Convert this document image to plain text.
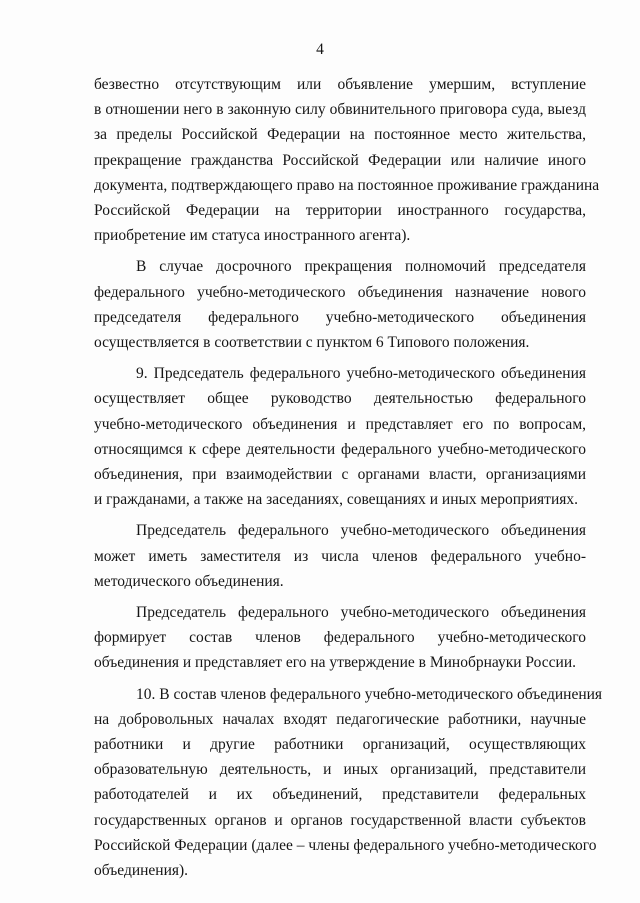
4
безвестно отсутствующим или объявление умершим, вступление
в отношении него в законную силу обвинительного приговора суда, выезд
за пределы Российской Федерации на постоянное место жительства,
прекращение гражданства Российской Федерации или наличие иного
документа, подтверждающего право на постоянное проживание гражданина
Российской Федерации на территории иностранного государства,
приобретение им статуса иностранного агента).
В случае досрочного прекращения полномочий председателя
федерального учебно-методического объединения назначение нового
председателя федерального учебно-методического объединения
осуществляется в соответствии с пунктом 6 Типового положения.
9. Председатель федерального учебно-методического объединения
осуществляет общее руководство деятельностью федерального
учебно-методического объединения и представляет его по вопросам,
относящимся к сфере деятельности федерального учебно-методического
объединения, при взаимодействии с органами власти, организациями
и гражданами, а также на заседаниях, совещаниях и иных мероприятиях.
Председатель федерального учебно-методического объединения
может иметь заместителя из числа членов федерального учебно-
методического объединения.
Председатель федерального учебно-методического объединения
формирует состав членов федерального учебно-методического
объединения и представляет его на утверждение в Минобрнауки России.
10. В состав членов федерального учебно-методического объединения
на добровольных началах входят педагогические работники, научные
работники и другие работники организаций, осуществляющих
образовательную деятельность, и иных организаций, представители
работодателей и их объединений, представители федеральных
государственных органов и органов государственной власти субъектов
Российской Федерации (далее – члены федерального учебно-методического
объединения).
